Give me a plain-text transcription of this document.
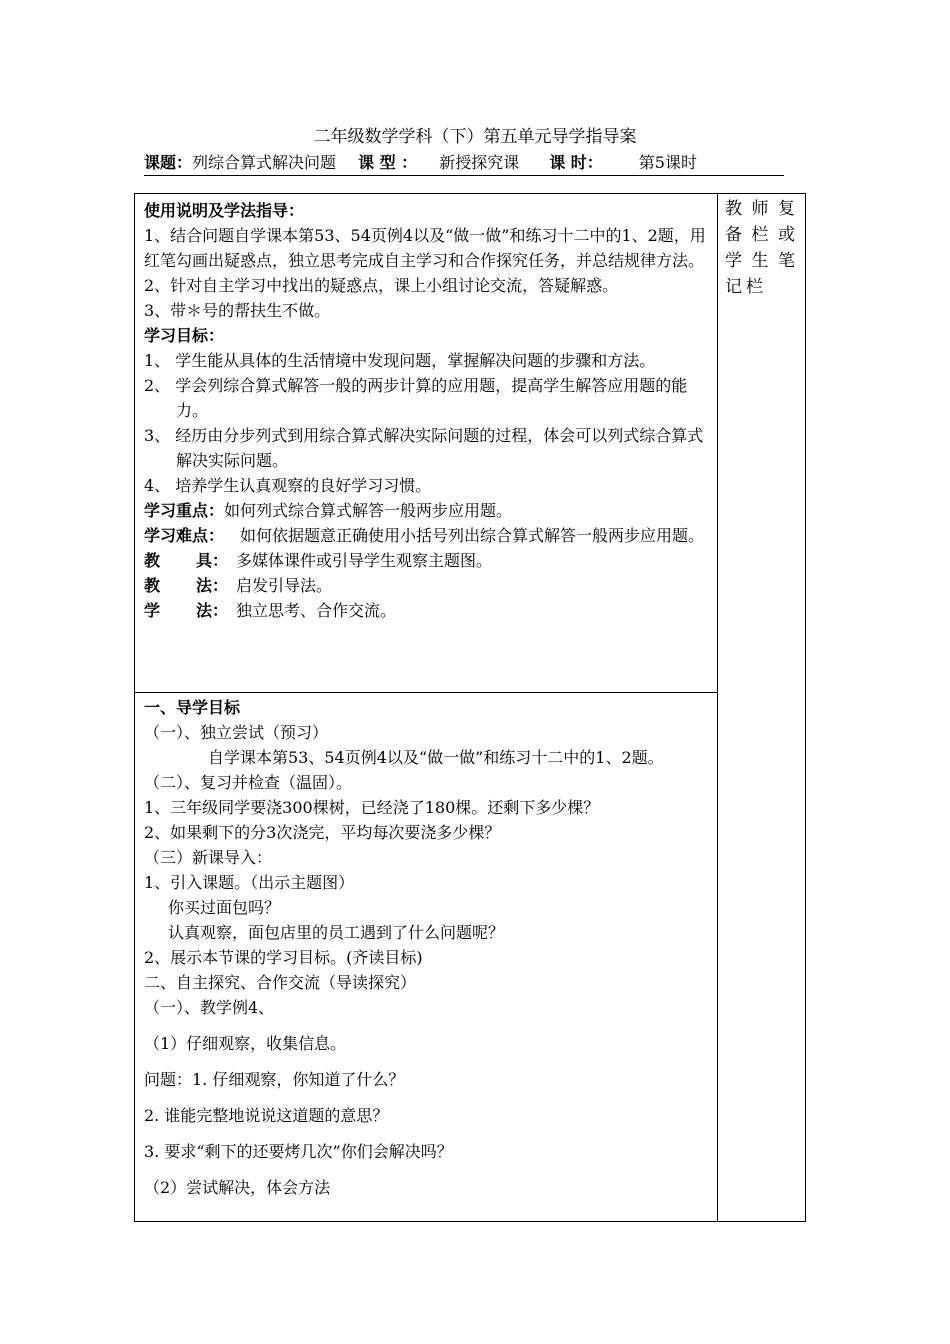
二年级数学学科（下）第五单元导学指导案
课题：列综合算式解决问题 课 型 ： 新授探究课 课 时： 第5课时
教师复备栏或学生笔记栏

使用说明及学法指导：

1、结合问题自学课本第53、54页例4以及“做一做”和练习十二中的1、2题，用红笔勾画出疑惑点，独立思考完成自主学习和合作探究任务，并总结规律方法。

2、针对自主学习中找出的疑惑点，课上小组讨论交流，答疑解惑。

3、带＊号的帮扶生不做。

学习目标：

1、 学生能从具体的生活情境中发现问题，掌握解决问题的步骤和方法。

2、 学会列综合算式解答一般的两步计算的应用题，提高学生解答应用题的能力。

3、 经历由分步列式到用综合算式解决实际问题的过程，体会可以列式综合算式解决实际问题。

4、 培养学生认真观察的良好学习习惯。

学习重点：如何列式综合算式解答一般两步应用题。

学习难点： 如何依据题意正确使用小括号列出综合算式解答一般两步应用题。

教 具： 多媒体课件或引导学生观察主题图。

教 法： 启发引导法。

学 法： 独立思考、合作交流。

一、导学目标

（一）、独立尝试（预习）

自学课本第53、54页例4以及“做一做”和练习十二中的1、2题。

（二）、复习并检查（温固）。

1、三年级同学要浇300棵树，已经浇了180棵。还剩下多少棵？

2、如果剩下的分3次浇完，平均每次要浇多少棵？

（三）新课导入：

1、引入课题。（出示主题图）

你买过面包吗？

认真观察，面包店里的员工遇到了什么问题呢？

2、展示本节课的学习目标。(齐读目标)

二、自主探究、合作交流（导读探究）

（一）、教学例4、

（1）仔细观察，收集信息。

问题：1. 仔细观察，你知道了什么？

2. 谁能完整地说说这道题的意思？

3. 要求“剩下的还要烤几次”你们会解决吗？

（2）尝试解决，体会方法
